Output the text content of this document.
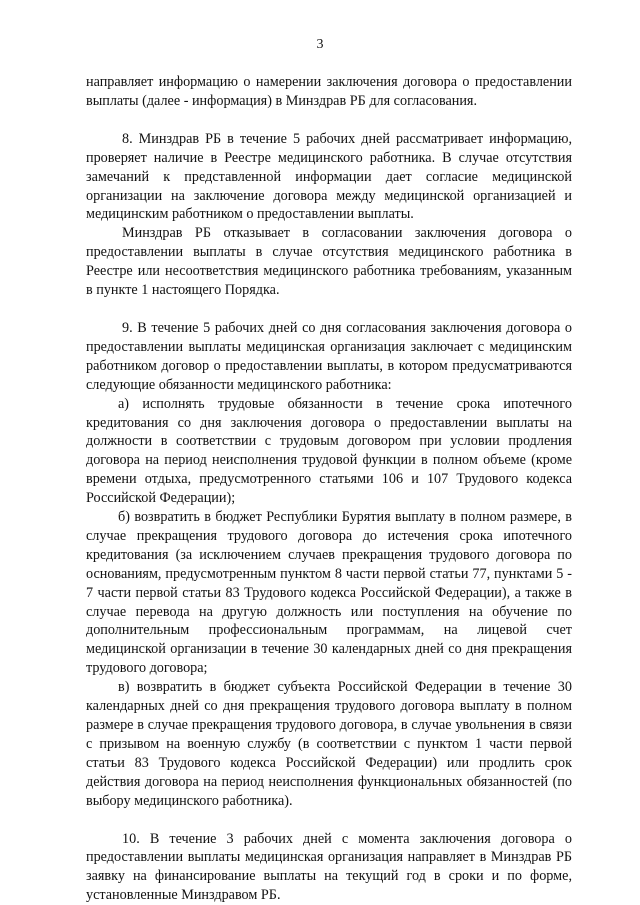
3

направляет информацию о намерении заключения договора о предоставлении выплаты (далее - информация) в Минздрав РБ для согласования.

8. Минздрав РБ в течение 5 рабочих дней рассматривает информацию, проверяет наличие в Реестре медицинского работника. В случае отсутствия замечаний к представленной информации дает согласие медицинской организации на заключение договора между медицинской организацией и медицинским работником о предоставлении выплаты.

Минздрав РБ отказывает в согласовании заключения договора о предоставлении выплаты в случае отсутствия медицинского работника в Реестре или несоответствия медицинского работника требованиям, указанным в пункте 1 настоящего Порядка.

9. В течение 5 рабочих дней со дня согласования заключения договора о предоставлении выплаты медицинская организация заключает с медицинским работником договор о предоставлении выплаты, в котором предусматриваются следующие обязанности медицинского работника:

а) исполнять трудовые обязанности в течение срока ипотечного кредитования со дня заключения договора о предоставлении выплаты на должности в соответствии с трудовым договором при условии продления договора на период неисполнения трудовой функции в полном объеме (кроме времени отдыха, предусмотренного статьями 106 и 107 Трудового кодекса Российской Федерации);

б) возвратить в бюджет Республики Бурятия выплату в полном размере, в случае прекращения трудового договора до истечения срока ипотечного кредитования (за исключением случаев прекращения трудового договора по основаниям, предусмотренным пунктом 8 части первой статьи 77, пунктами 5 - 7 части первой статьи 83 Трудового кодекса Российской Федерации), а также в случае перевода на другую должность или поступления на обучение по дополнительным профессиональным программам, на лицевой счет медицинской организации в течение 30 календарных дней со дня прекращения трудового договора;

в) возвратить в бюджет субъекта Российской Федерации в течение 30 календарных дней со дня прекращения трудового договора выплату в полном размере в случае прекращения трудового договора, в случае увольнения в связи с призывом на военную службу (в соответствии с пунктом 1 части первой статьи 83 Трудового кодекса Российской Федерации) или продлить срок действия договора на период неисполнения функциональных обязанностей (по выбору медицинского работника).

10. В течение 3 рабочих дней с момента заключения договора о предоставлении выплаты медицинская организация направляет в Минздрав РБ заявку на финансирование выплаты на текущий год в сроки и по форме, установленные Минздравом РБ.
